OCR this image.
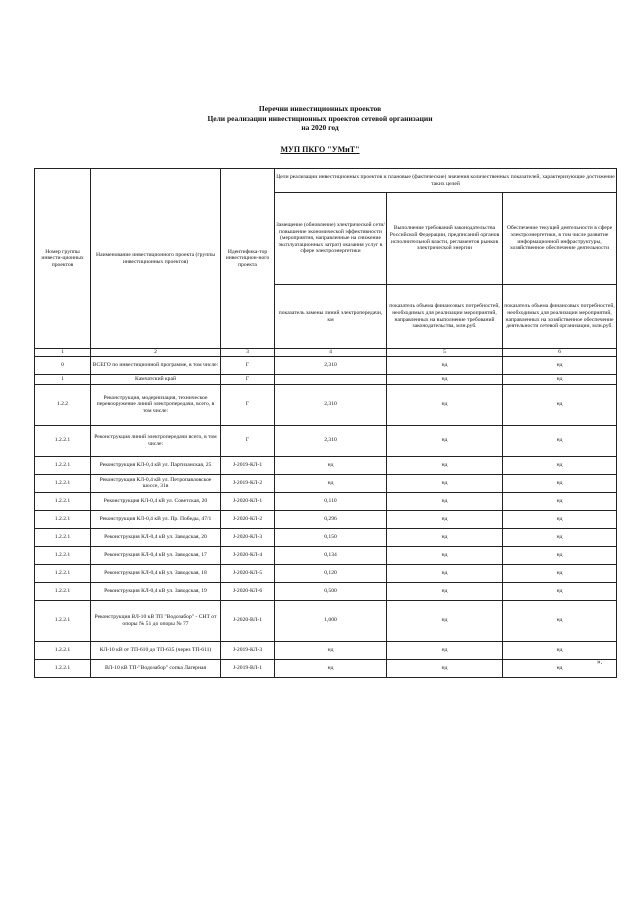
Перечни инвестиционных проектов
Цели реализации инвестиционных проектов сетевой организации
на 2020 год
МУП ПКГО "УМиТ"
Номер группы инвести-ционных проектов	Наименование инвестиционного проекта (группы инвестиционных проектов)	Идентифика-тор инвестицион-ного проекта	Цели реализации инвестиционных проектов и плановые (фактические) значения количественных показателей, характеризующие достижение таких целей		
			Замещение (обновление) электрической сети/повышение экономической эффективности (мероприятия, направленные на снижение эксплуатационных затрат) оказания услуг в сфере электроэнергетики	Выполнение требований законодательства Российской Федерации, предписаний органов исполнительной власти, регламентов рынков электрической энергии	Обеспечение текущей деятельности в сфере электроэнергетики, в том числе развитие информационной инфраструктуры, хозяйственное обеспечение деятельности
			показатель замены линий электропередачи, км	показатель объема финансовых потребностей, необходимых для реализации мероприятий, направленных на выполнение требований законодательства, млн.руб.	показатель объема финансовых потребностей, необходимых для реализации мероприятий, направленных на хозяйственное обеспечение деятельности сетевой организации, млн.руб.
1	2	3	4	5	6
0	ВСЕГО по инвестиционной программе, в том числе:	Г	2,310	нд	нд
1	Камчатский край	Г		нд	нд
1.2.2	Реконструкция, модернизация, техническое перевооружение линий электропередачи, всего, в том числе:	Г	2,310	нд	нд
1.2.2.1	Реконструкция линий электропередачи всего, в том числе:	Г	2,310	нд	нд
1.2.2.1	Реконструкция КЛ-0,4 кВ ул. Партизанская, 25	J-2019-КЛ-1	нд	нд	нд
1.2.2.1	Реконструкция КЛ-0,4 кВ ул. Петропавловское шоссе, 31в	J-2019-КЛ-2	нд	нд	нд
1.2.2.1	Реконструкция КЛ-0,4 кВ ул. Советская, 20	J-2020-КЛ-1	0,110	нд	нд
1.2.2.1	Реконструкция КЛ-0,4 кВ ул. Пр. Победы, 47/1	J-2020-КЛ-2	0,296	нд	нд
1.2.2.1	Реконструкция КЛ-0,4 кВ ул. Заводская, 20	J-2020-КЛ-3	0,150	нд	нд
1.2.2.1	Реконструкция КЛ-0,4 кВ ул. Заводская, 17	J-2020-КЛ-4	0,134	нд	нд
1.2.2.1	Реконструкция КЛ-0,4 кВ ул. Заводская, 18	J-2020-КЛ-5	0,120	нд	нд
1.2.2.1	Реконструкция КЛ-0,4 кВ ул. Заводская, 19	J-2020-КЛ-6	0,500	нд	нд
1.2.2.1	Реконструкция ВЛ-10 кВ ТП "Водозабор" - СНТ от опоры № 51 до опоры № 77	J-2020-ВЛ-1	1,000	нд	нд
1.2.2.1	КЛ-10 кВ от ТП-610 до ТП-635 (через ТП-611)	J-2019-КЛ-3	нд	нд	нд
1.2.2.1	ВЛ-10 кВ ТП-"Водозабор" сопка Лагерная	J-2019-ВЛ-1	нд	нд	нд
».
